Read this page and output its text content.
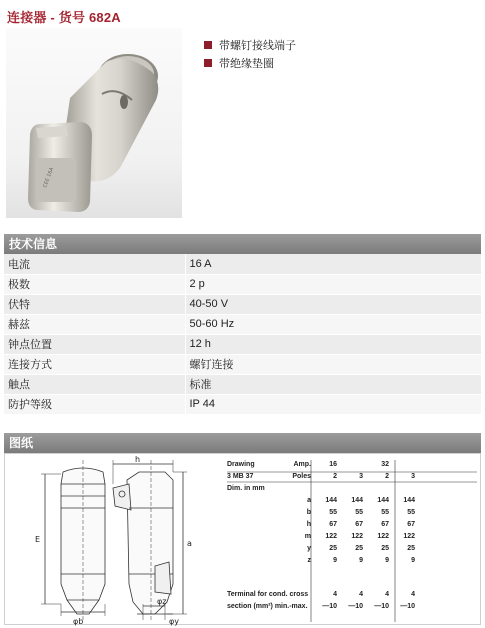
连接器 - 货号 682A
CEE 16A
带螺钉接线端子
带绝缘垫圈
技术信息
电流	16 A
极数	2 p
伏特	40-50 V
赫兹	50-60 Hz
钟点位置	12 h
连接方式	螺钉连接
触点	标准
防护等级	IP 44
图纸
h
E	a
φb
φz
φy
Drawing	Amp.	16	32
3 MB 37	Poles	2	3	2	3
Dim. in mm
a	144	144	144	144
b	55	55	55	55
h	67	67	67	67
m	122	122	122	122
y	25	25	25	25
z	9	9	9	9
Terminal for cond. cross	4	4	4	4
section (mm²) min.-max.	—10	—10	—10	—10
